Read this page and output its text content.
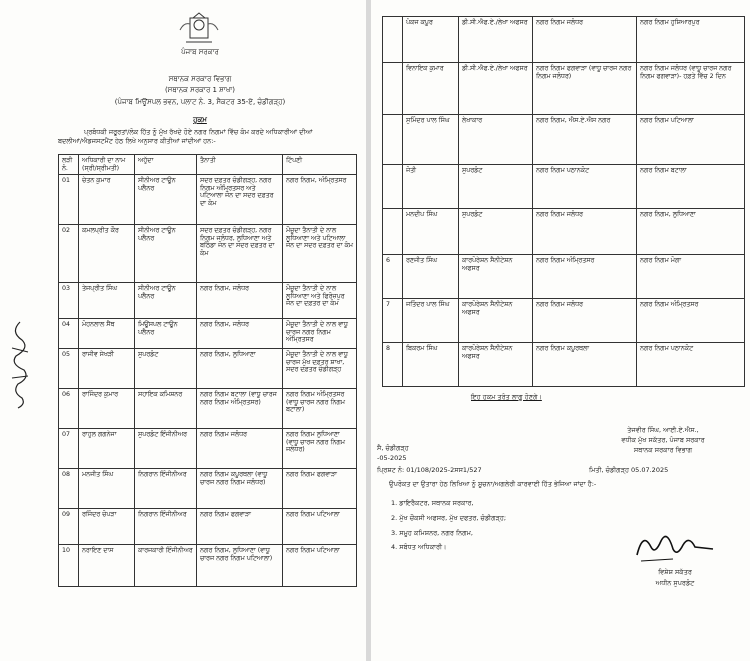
ਪੰਜਾਬ ਸਰਕਾਰ
ਸਥਾਨਕ ਸਰਕਾਰ ਵਿਭਾਗ
(ਸਥਾਨਕ ਸਰਕਾਰ 1 ਸ਼ਾਖਾ)
(ਪੰਜਾਬ ਮਿਊਂਸਪਲ ਭਵਨ, ਪਲਾਟ ਨੰ. 3, ਸੈਕਟਰ 35-ਏ, ਚੰਡੀਗੜ੍ਹ)
ਹੁਕਮ
ਪ੍ਰਬੰਧਕੀ ਜਰੂਰਤਾਂ/ਲੋਕ ਹਿੱਤ ਨੂੰ ਮੁੱਖ ਰੱਖਦੇ ਹੋਏ ਨਗਰ ਨਿਗਮਾਂ ਵਿੱਚ ਕੰਮ ਕਰਦੇ ਅਧਿਕਾਰੀਆਂ ਦੀਆਂ
ਬਦਲੀਆਂ/ਐਡਜਸਟਮੈਂਟ ਹੇਠ ਲਿਖੇ ਅਨੁਸਾਰ ਕੀਤੀਆਂ ਜਾਂਦੀਆਂ ਹਨ:-
ਲੜੀ ਨੰ.	ਅਧਿਕਾਰੀ ਦਾ ਨਾਮ (ਸ੍ਰੀ/ਸ੍ਰੀਮਤੀ)	ਅਹੁੱਦਾ	ਤੈਨਾਤੀ	ਟਿੱਪਣੀ
01	ਚੇਤਨ ਕੁਮਾਰ	ਸੀਨੀਅਰ ਟਾਊਨ ਪਲੈਨਰ	ਸਦਰ ਦਫ਼ਤਰ ਚੰਡੀਗੜ੍ਹ, ਨਗਰ ਨਿਗਮ ਅੰਮ੍ਰਿਤਸਰ ਅਤੇ ਪਟਿਆਲਾ ਜੋਨ ਦਾ ਸਦਰ ਦਫ਼ਤਰ ਦਾ ਕੰਮ	ਨਗਰ ਨਿਗਮ, ਅੰਮ੍ਰਿਤਸਰ
02	ਕਮਲਪ੍ਰੀਤ ਕੌਰ	ਸੀਨੀਅਰ ਟਾਊਨ ਪਲੈਨਰ	ਸਦਰ ਦਫ਼ਤਰ ਚੰਡੀਗੜ੍ਹ, ਨਗਰ ਨਿਗਮ ਜਲੰਧਰ, ਲੁਧਿਆਣਾ ਅਤੇ ਬਠਿੰਡਾ ਜੋਨ ਦਾ ਸਦਰ ਦਫ਼ਤਰ ਦਾ ਕੰਮ	ਮੌਜੂਦਾ ਤੈਨਾਤੀ ਦੇ ਨਾਲ ਲੁਧਿਆਣਾ ਅਤੇ ਪਟਿਆਲਾ ਜੋਨ ਦਾ ਸਦਰ ਦਫ਼ਤਰ ਦਾ ਕੰਮ
03	ਤੇਜਪ੍ਰੀਤ ਸਿੰਘ	ਸੀਨੀਅਰ ਟਾਊਨ ਪਲੈਨਰ	ਨਗਰ ਨਿਗਮ, ਜਲੰਧਰ	ਮੌਜੂਦਾ ਤੈਨਾਤੀ ਦੇ ਨਾਲ ਲੁਧਿਆਣਾ ਅਤੇ ਫਿਰੋਜ਼ਪੁਰ ਜੋਨ ਦਾ ਦਫ਼ਤਰ ਦਾ ਕੰਮ
04	ਮੋਹਨਲਾਲ ਸੈਂਥ	ਮਿਊਂਸਪਲ ਟਾਊਨ ਪਲੈਨਰ	ਨਗਰ ਨਿਗਮ, ਜਲੰਧਰ	ਮੌਜੂਦਾ ਤੈਨਾਤੀ ਦੇ ਨਾਲ ਵਾਧੂ ਚਾਰਜ ਨਗਰ ਨਿਗਮ ਅੰਮ੍ਰਿਤਸਰ
05	ਰਾਜੀਵ ਸੇਖੜੀ	ਸੁਪਰਡੰਟ	ਨਗਰ ਨਿਗਮ, ਲੁਧਿਆਣਾ	ਮੌਜੂਦਾ ਤੈਨਾਤੀ ਦੇ ਨਾਲ ਵਾਧੂ ਚਾਰਜ ਮੁੱਖ ਦਫ਼ਤਰ ਸ਼ਾਖਾ, ਸਦਰ ਦਫ਼ਤਰ ਚੰਡੀਗੜ੍ਹ
06	ਰਾਜਿੰਦਰ ਕੁਮਾਰ	ਸਹਾਇਕ ਕਮਿਸ਼ਨਰ	ਨਗਰ ਨਿਗਮ ਬਟਾਲਾ (ਵਾਧੂ ਚਾਰਜ ਨਗਰ ਨਿਗਮ ਅੰਮ੍ਰਿਤਸਰ)	ਨਗਰ ਨਿਗਮ ਅੰਮ੍ਰਿਤਸਰ (ਵਾਧੂ ਚਾਰਜ ਨਗਰ ਨਿਗਮ ਬਟਾਲਾ)
07	ਰਾਹੁਲ ਗਗਨੇਜਾ	ਸੁਪਰਡੰਟ ਇੰਜੀਨੀਅਰ	ਨਗਰ ਨਿਗਮ ਜਲੰਧਰ	ਨਗਰ ਨਿਗਮ ਲੁਧਿਆਣਾ (ਵਾਧੂ ਚਾਰਜ ਨਗਰ ਨਿਗਮ ਜਲੰਧਰ)
08	ਮਨਜੀਤ ਸਿੰਘ	ਨਿਗਰਾਨ ਇੰਜੀਨੀਅਰ	ਨਗਰ ਨਿਗਮ ਕਪੂਰਥਲਾ (ਵਾਧੂ ਚਾਰਜ ਨਗਰ ਨਿਗਮ ਜਲੰਧਰ)	ਨਗਰ ਨਿਗਮ ਫਗਵਾੜਾ
09	ਰਜਿੰਦਰ ਚੋਪੜਾ	ਨਿਗਰਾਨ ਇੰਜੀਨੀਅਰ	ਨਗਰ ਨਿਗਮ ਫਗਵਾੜਾ	ਨਗਰ ਨਿਗਮ ਪਟਿਆਲਾ
10	ਨਰਾਇਣ ਦਾਸ	ਕਾਰਜਕਾਰੀ ਇੰਜੀਨੀਅਰ	ਨਗਰ ਨਿਗਮ, ਲੁਧਿਆਣਾ (ਵਾਧੂ ਚਾਰਜ ਨਗਰ ਨਿਗਮ ਪਟਿਆਲਾ)	ਨਗਰ ਨਿਗਮ ਪਟਿਆਲਾ
	ਪੰਕਜ ਕਪੂਰ	ਡੀ.ਸੀ.ਐਫ.ਏ./ਲੇਖਾ ਅਫਸਰ	ਨਗਰ ਨਿਗਮ ਜਲੰਧਰ	ਨਗਰ ਨਿਗਮ ਹੁਸ਼ਿਆਰਪੁਰ
	ਵਿਨਾਇਕ ਕੁਮਾਰ	ਡੀ.ਸੀ.ਐਫ.ਏ./ਲੇਖਾ ਅਫਸਰ	ਨਗਰ ਨਿਗਮ ਫਗਵਾੜਾ (ਵਾਧੂ ਚਾਰਜ ਨਗਰ ਨਿਗਮ ਜਲੰਧਰ)	ਨਗਰ ਨਿਗਮ ਜਲੰਧਰ (ਵਾਧੂ ਚਾਰਜ ਨਗਰ ਨਿਗਮ ਫਗਵਾੜਾ)- ਹਫ਼ਤੇ ਵਿੱਚ 2 ਦਿਨ
	ਸੁਮਿੰਦਰ ਪਾਲ ਸਿੰਘ	ਲੇਖਾਕਾਰ	ਨਗਰ ਨਿਗਮ, ਐਸ.ਏ.ਐਸ ਨਗਰ	ਨਗਰ ਨਿਗਮ ਪਟਿਆਲਾ
	ਜੋਤੀ	ਸੁਪਰਡੰਟ	ਨਗਰ ਨਿਗਮ ਪਠਾਨਕੋਟ	ਨਗਰ ਨਿਗਮ ਬਟਾਲਾ
	ਮਨਦੀਪ ਸਿੰਘ	ਸੁਪਰਡੰਟ	ਨਗਰ ਨਿਗਮ ਜਲੰਧਰ	ਨਗਰ ਨਿਗਮ, ਲੁਧਿਆਣਾ
6	ਰਣਜੀਤ ਸਿੰਘ	ਕਾਰਪੋਰੇਸ਼ਨ ਸੈਨੀਟੇਸ਼ਨ ਅਫਸਰ	ਨਗਰ ਨਿਗਮ ਅੰਮ੍ਰਿਤਸਰ	ਨਗਰ ਨਿਗਮ ਮੋਗਾ
7	ਜਤਿੰਦਰ ਪਾਲ ਸਿੰਘ	ਕਾਰਪੋਰੇਸ਼ਨ ਸੈਨੀਟੇਸ਼ਨ ਅਫਸਰ	ਨਗਰ ਨਿਗਮ ਜਲੰਧਰ	ਨਗਰ ਨਿਗਮ ਅੰਮ੍ਰਿਤਸਰ
8	ਬਿਕਰਮ ਸਿੰਘ	ਕਾਰਪੋਰੇਸ਼ਨ ਸੈਨੀਟੇਸ਼ਨ ਅਫਸਰ	ਨਗਰ ਨਿਗਮ ਕਪੂਰਥਲਾ	ਨਗਰ ਨਿਗਮ ਪਠਾਨਕੋਟ
ਇਹ ਹੁਕਮ ਤੁਰੰਤ ਲਾਗੂ ਹੋਣਗੇ।
ਤੇਜਵੀਰ ਸਿੰਘ, ਆਈ.ਏ.ਐਸ.,
ਵਧੀਕ ਮੁੱਖ ਸਕੱਤਰ, ਪੰਜਾਬ ਸਰਕਾਰ
ਸਥਾਨਕ ਸਰਕਾਰ ਵਿਭਾਗ
ਸੈ, ਚੰਡੀਗੜ੍ਹ
-05-2025
ਪ੍ਰਿਸ਼ਟ ਨੰ: 01/108/2025-2ਸਸ1/527	ਮਿਤੀ, ਚੰਡੀਗੜ੍ਹ 05.07.2025
ਉਪਰੋਕਤ ਦਾ ਉਤਾਰਾ ਹੇਠ ਲਿਖਿਆ ਨੂੰ ਸੂਚਨਾ/ਅਗਲੇਰੀ ਕਾਰਵਾਈ ਹਿੱਤ ਭੇਜਿਆ ਜਾਂਦਾ ਹੈ:-
1. ਡਾਇਰੈਕਟਰ, ਸਥਾਨਕ ਸਰਕਾਰ,
2. ਮੁੱਖ ਚੌਕਸੀ ਅਫਸਰ, ਮੁੱਖ ਦਫਤਰ, ਚੰਡੀਗੜ੍ਹ;
3. ਸਮੂਹ ਕਮਿਸ਼ਨਰ, ਨਗਰ ਨਿਗਮ,
4. ਸਬੰਧਤ ਅਧਿਕਾਰੀ।
ਵਿਸ਼ੇਸ਼ ਸਕੱਤਰ
ਅਧੀਨ ਸੁਪਰਡੰਟ
